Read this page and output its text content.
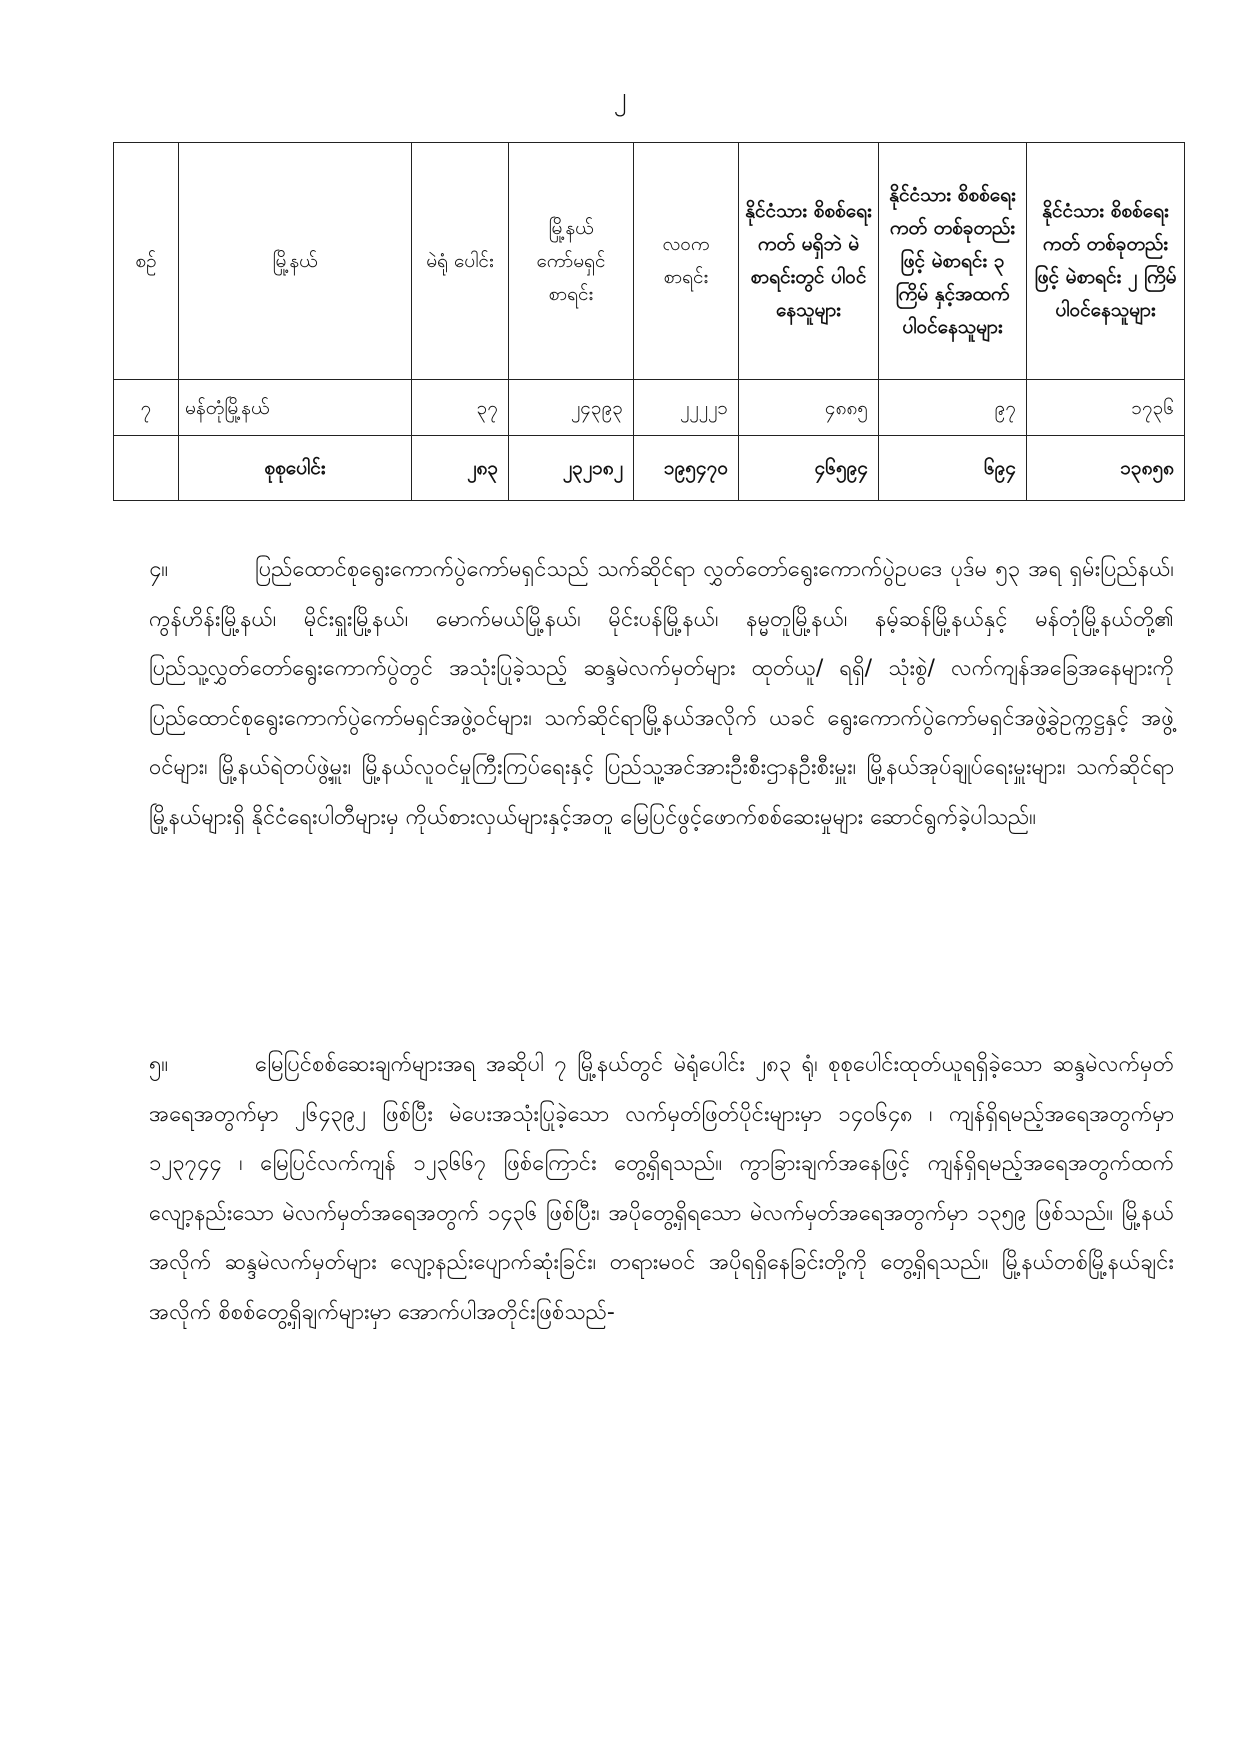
၂
စဉ်	မြို့နယ်	မဲရုံ ပေါင်း	မြို့နယ် ကော်မရှင် စာရင်း	လဝက စာရင်း	နိုင်ငံသား စိစစ်ရေးကတ် မရှိဘဲ မဲစာရင်းတွင် ပါဝင်နေသူများ	နိုင်ငံသား စိစစ်ရေးကတ် တစ်ခုတည်းဖြင့် မဲစာရင်း ၃ ကြိမ် နှင့်အထက် ပါဝင်နေသူများ	နိုင်ငံသား စိစစ်ရေးကတ် တစ်ခုတည်းဖြင့် မဲစာရင်း ၂ ကြိမ် ပါဝင်နေသူများ
၇	မန်တုံမြို့နယ်	၃၇	၂၄၃၉၃	၂၂၂၂၁	၄၈၈၅	၉၇	၁၇၃၆
	စုစုပေါင်း	၂၈၃	၂၃၂၁၈၂	၁၉၅၄၇၀	၄၆၅၉၄	၆၉၄	၁၃၈၅၈

၄။	ပြည်ထောင်စုရွေးကောက်ပွဲကော်မရှင်သည် သက်ဆိုင်ရာ လွှတ်တော်ရွေးကောက်ပွဲဥပဒေ ပုဒ်မ ၅၃ အရ ရှမ်းပြည်နယ်၊ ကွန်ဟိန်းမြို့နယ်၊ မိုင်းရှူးမြို့နယ်၊ မောက်မယ်မြို့နယ်၊ မိုင်းပန်မြို့နယ်၊ နမ္မတူမြို့နယ်၊ နမ့်ဆန်မြို့နယ်နှင့် မန်တုံမြို့နယ်တို့၏ ပြည်သူ့လွှတ်တော်ရွေးကောက်ပွဲတွင် အသုံးပြုခဲ့သည့် ဆန္ဒမဲလက်မှတ်များ ထုတ်ယူ/ ရရှိ/ သုံးစွဲ/ လက်ကျန်အခြေအနေများကို ပြည်ထောင်စုရွေးကောက်ပွဲကော်မရှင်အဖွဲ့ဝင်များ၊ သက်ဆိုင်ရာမြို့နယ်အလိုက် ယခင် ရွေးကောက်ပွဲကော်မရှင်အဖွဲ့ခွဲဥက္ကဋ္ဌနှင့် အဖွဲ့ဝင်များ၊ မြို့နယ်ရဲတပ်ဖွဲ့မှူး၊ မြို့နယ်လူဝင်မှုကြီးကြပ်ရေးနှင့် ပြည်သူ့အင်အားဦးစီးဌာနဦးစီးမှူး၊ မြို့နယ်အုပ်ချုပ်ရေးမှူးများ၊ သက်ဆိုင်ရာမြို့နယ်များရှိ နိုင်ငံရေးပါတီများမှ ကိုယ်စားလှယ်များနှင့်အတူ မြေပြင်ဖွင့်ဖောက်စစ်ဆေးမှုများ ဆောင်ရွက်ခဲ့ပါသည်။

၅။	မြေပြင်စစ်ဆေးချက်များအရ အဆိုပါ ၇ မြို့နယ်တွင် မဲရုံပေါင်း ၂၈၃ ရုံ၊ စုစုပေါင်းထုတ်ယူရရှိခဲ့သော ဆန္ဒမဲလက်မှတ်အရေအတွက်မှာ ၂၆၄၃၉၂ ဖြစ်ပြီး မဲပေးအသုံးပြုခဲ့သော လက်မှတ်ဖြတ်ပိုင်းများမှာ ၁၄၀၆၄၈ ၊ ကျန်ရှိရမည့်အရေအတွက်မှာ ၁၂၃၇၄၄ ၊ မြေပြင်လက်ကျန် ၁၂၃၆၆၇ ဖြစ်ကြောင်း တွေ့ရှိရသည်။ ကွာခြားချက်အနေဖြင့် ကျန်ရှိရမည့်အရေအတွက်ထက် လျော့နည်းသော မဲလက်မှတ်အရေအတွက် ၁၄၃၆ ဖြစ်ပြီး၊ အပိုတွေ့ရှိရသော မဲလက်မှတ်အရေအတွက်မှာ ၁၃၅၉ ဖြစ်သည်။ မြို့နယ်အလိုက် ဆန္ဒမဲလက်မှတ်များ လျော့နည်းပျောက်ဆုံးခြင်း၊ တရားမဝင် အပိုရရှိနေခြင်းတို့ကို တွေ့ရှိရသည်။ မြို့နယ်တစ်မြို့နယ်ချင်းအလိုက် စိစစ်တွေ့ရှိချက်များမှာ အောက်ပါအတိုင်းဖြစ်သည်-
